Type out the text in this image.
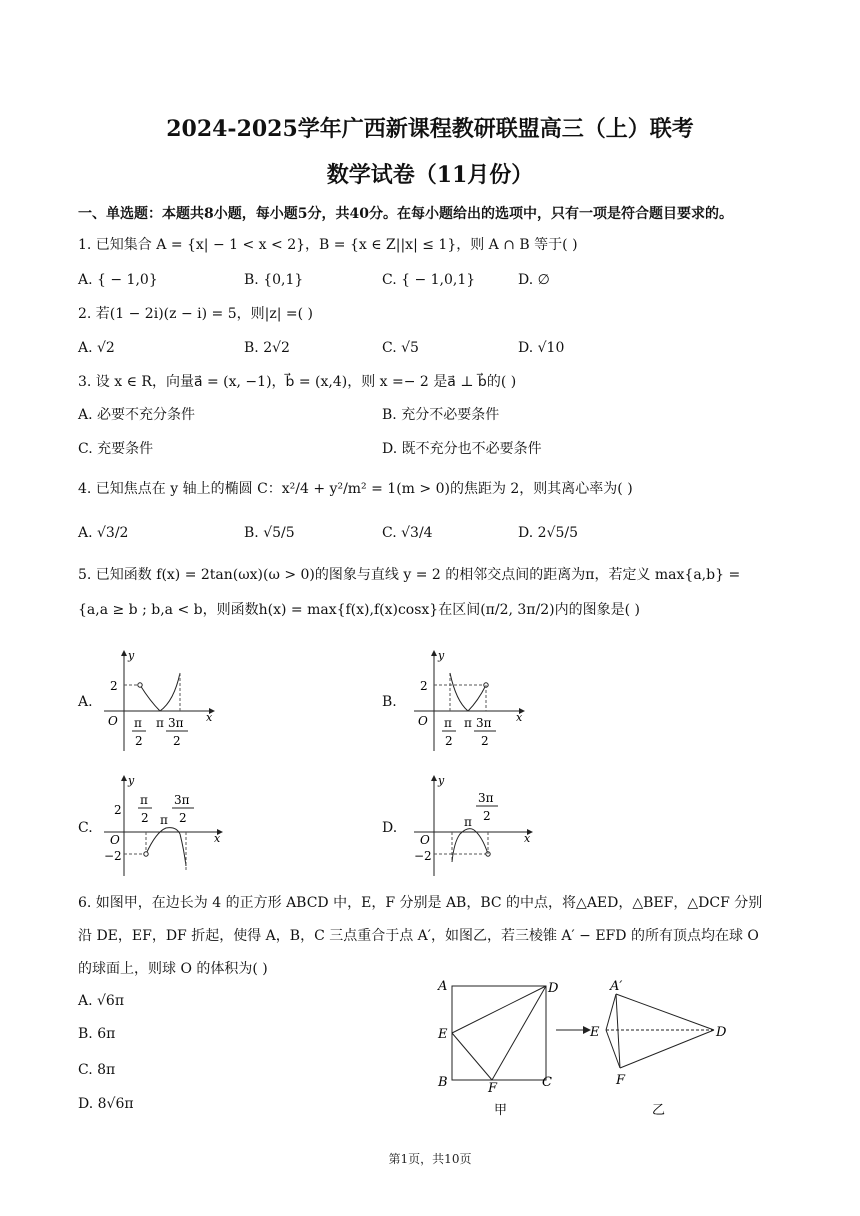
2024-2025学年广西新课程教研联盟高三（上）联考
数学试卷（11月份）
一、单选题：本题共8小题，每小题5分，共40分。在每小题给出的选项中，只有一项是符合题目要求的。
1. 已知集合 A = {x| − 1 < x < 2}，B = {x ∈ Z||x| ≤ 1}，则 A ∩ B 等于( )
A. { − 1,0}	B. {0,1}	C. { − 1,0,1}	D. ∅
2. 若(1 − 2i)(z − i) = 5，则|z| =( )
A. √2	B. 2√2	C. √5	D. √10
3. 设 x ∈ R，向量a⃗ = (x, −1)，b⃗ = (x,4)，则 x =− 2 是a⃗ ⊥ b⃗的( )
A. 必要不充分条件	B. 充分不必要条件
C. 充要条件	D. 既不充分也不必要条件
4. 已知焦点在 y 轴上的椭圆 C：x²/4 + y²/m² = 1(m > 0)的焦距为 2，则其离心率为( )
A. √3/2	B. √5/5	C. √3/4	D. 2√5/5
5. 已知函数 f(x) = 2tan(ωx)(ω > 0)的图象与直线 y = 2 的相邻交点间的距离为π，若定义 max{a,b} =
{a,a ≥ b ; b,a < b，则函数h(x) = max{f(x),f(x)cosx}在区间(π/2, 3π/2)内的图象是( )
A.	B.
C.	D.
y
x
O
2
π
2
π 3π
2
y
x
O
2
π
2
π 3π
2
y
x
O
2
−2
π
2 π
3π
2
y
x
O
−2
π
3π
2
6. 如图甲，在边长为 4 的正方形 ABCD 中，E，F 分别是 AB，BC 的中点，将△AED，△BEF，△DCF 分别
沿 DE，EF，DF 折起，使得 A，B，C 三点重合于点 A′，如图乙，若三棱锥 A′ − EFD 的所有顶点均在球 O
的球面上，则球 O 的体积为( )
A. √6π
B. 6π
C. 8π
D. 8√6π
A	D
E
B	F	C
甲
A′
E	D
F
乙
第1页，共10页
